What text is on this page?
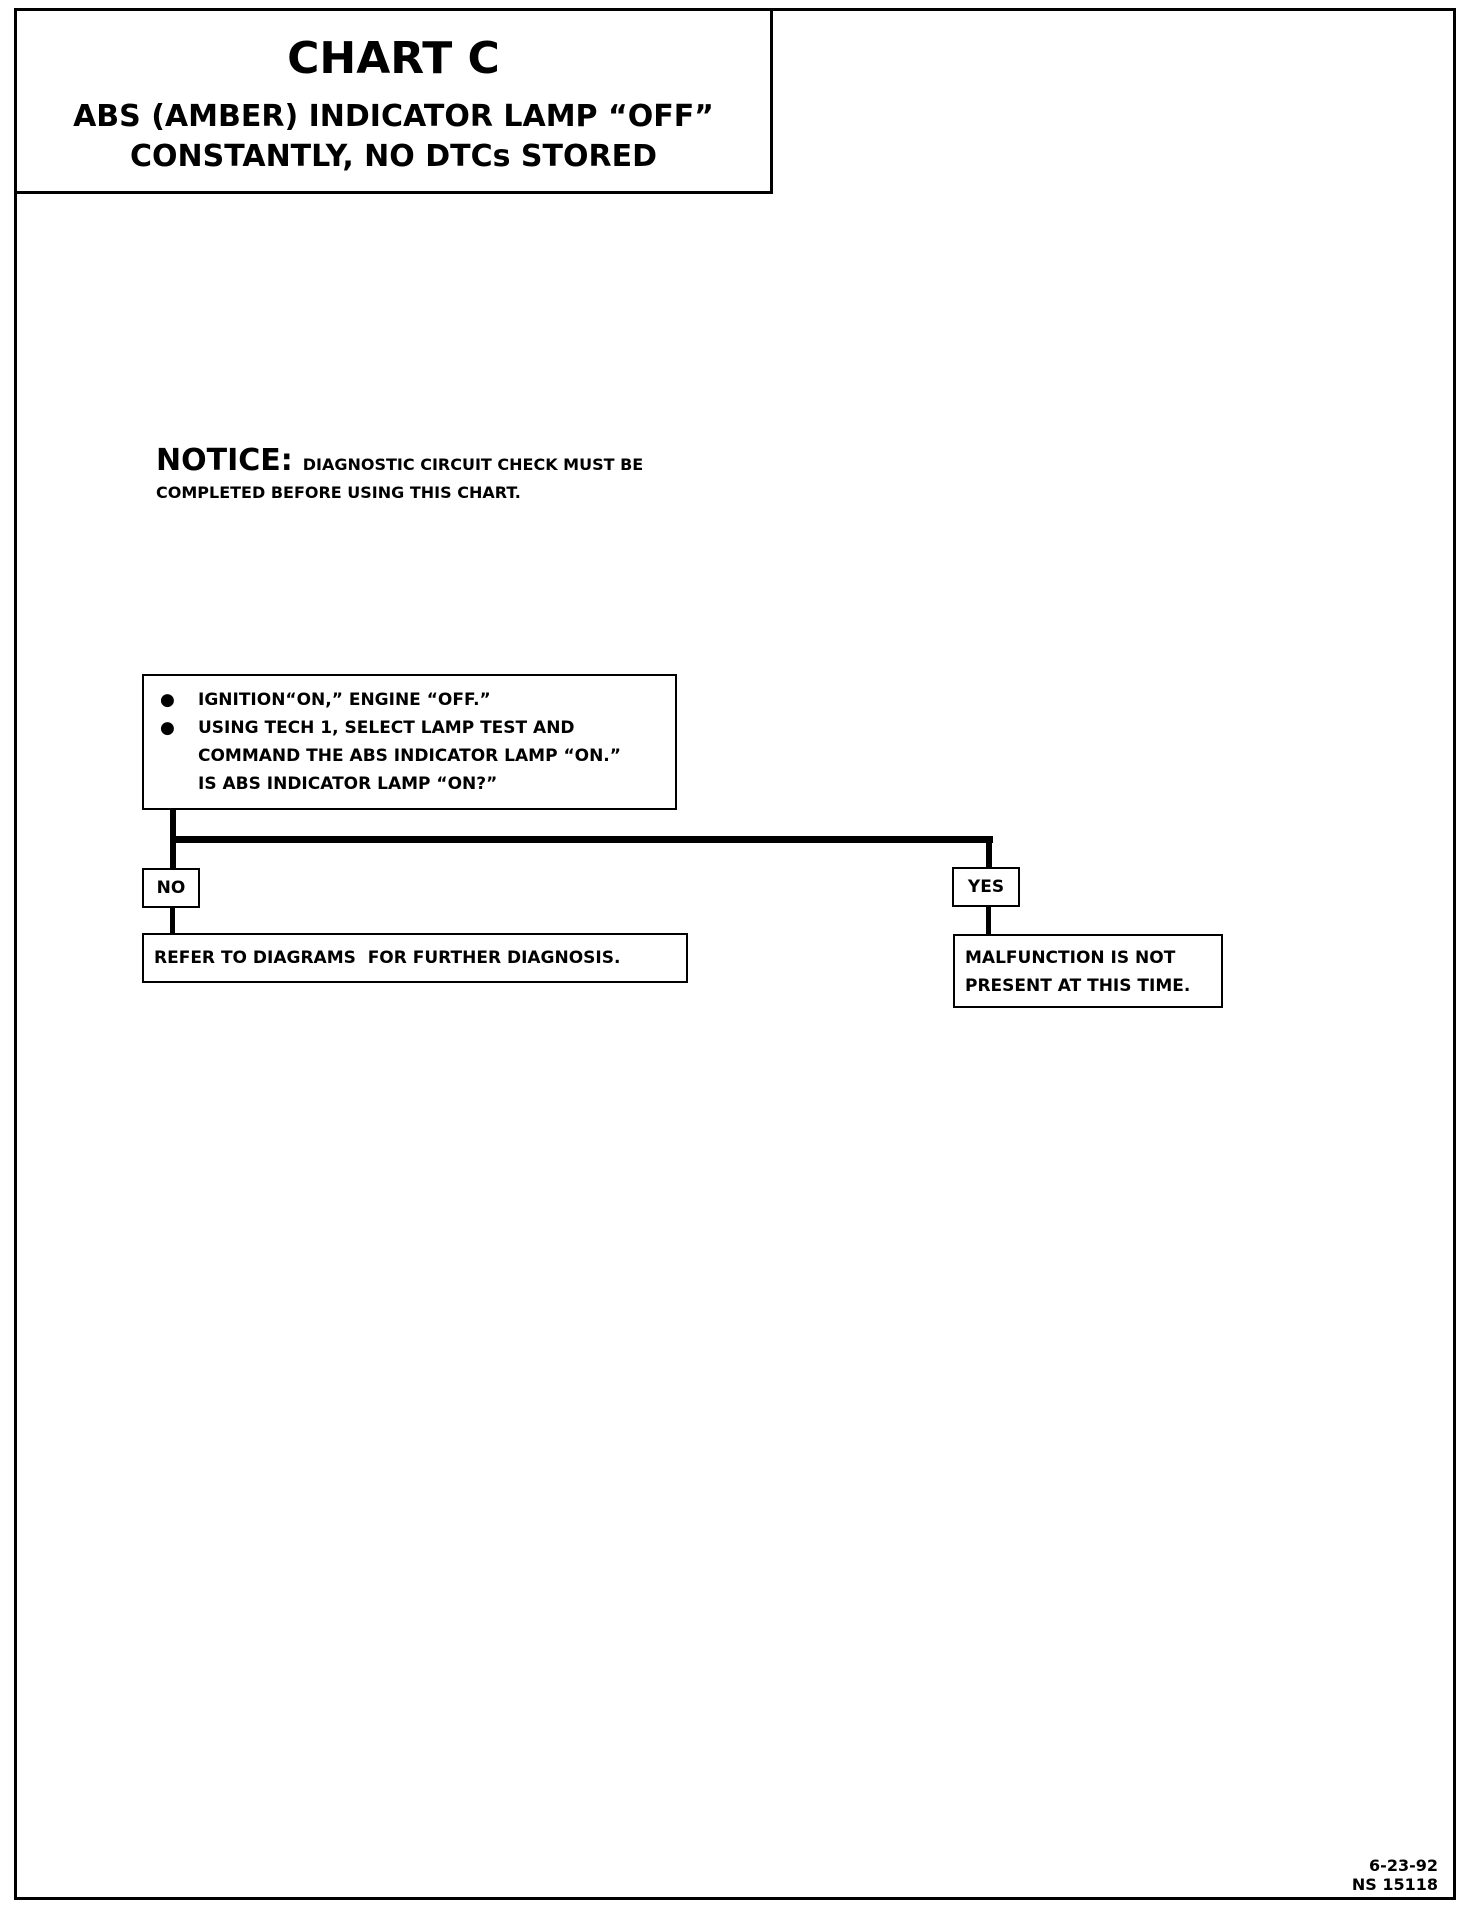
CHART C
ABS (AMBER) INDICATOR LAMP “OFF”
CONSTANTLY, NO DTCs STORED
NOTICE: DIAGNOSTIC CIRCUIT CHECK MUST BE
COMPLETED BEFORE USING THIS CHART.
● IGNITION“ON,” ENGINE “OFF.”
● USING TECH 1, SELECT LAMP TEST AND
COMMAND THE ABS INDICATOR LAMP “ON.”
IS ABS INDICATOR LAMP “ON?”
NO	YES
REFER TO DIAGRAMS  FOR FURTHER DIAGNOSIS.	MALFUNCTION IS NOT
PRESENT AT THIS TIME.
6-23-92
NS 15118
